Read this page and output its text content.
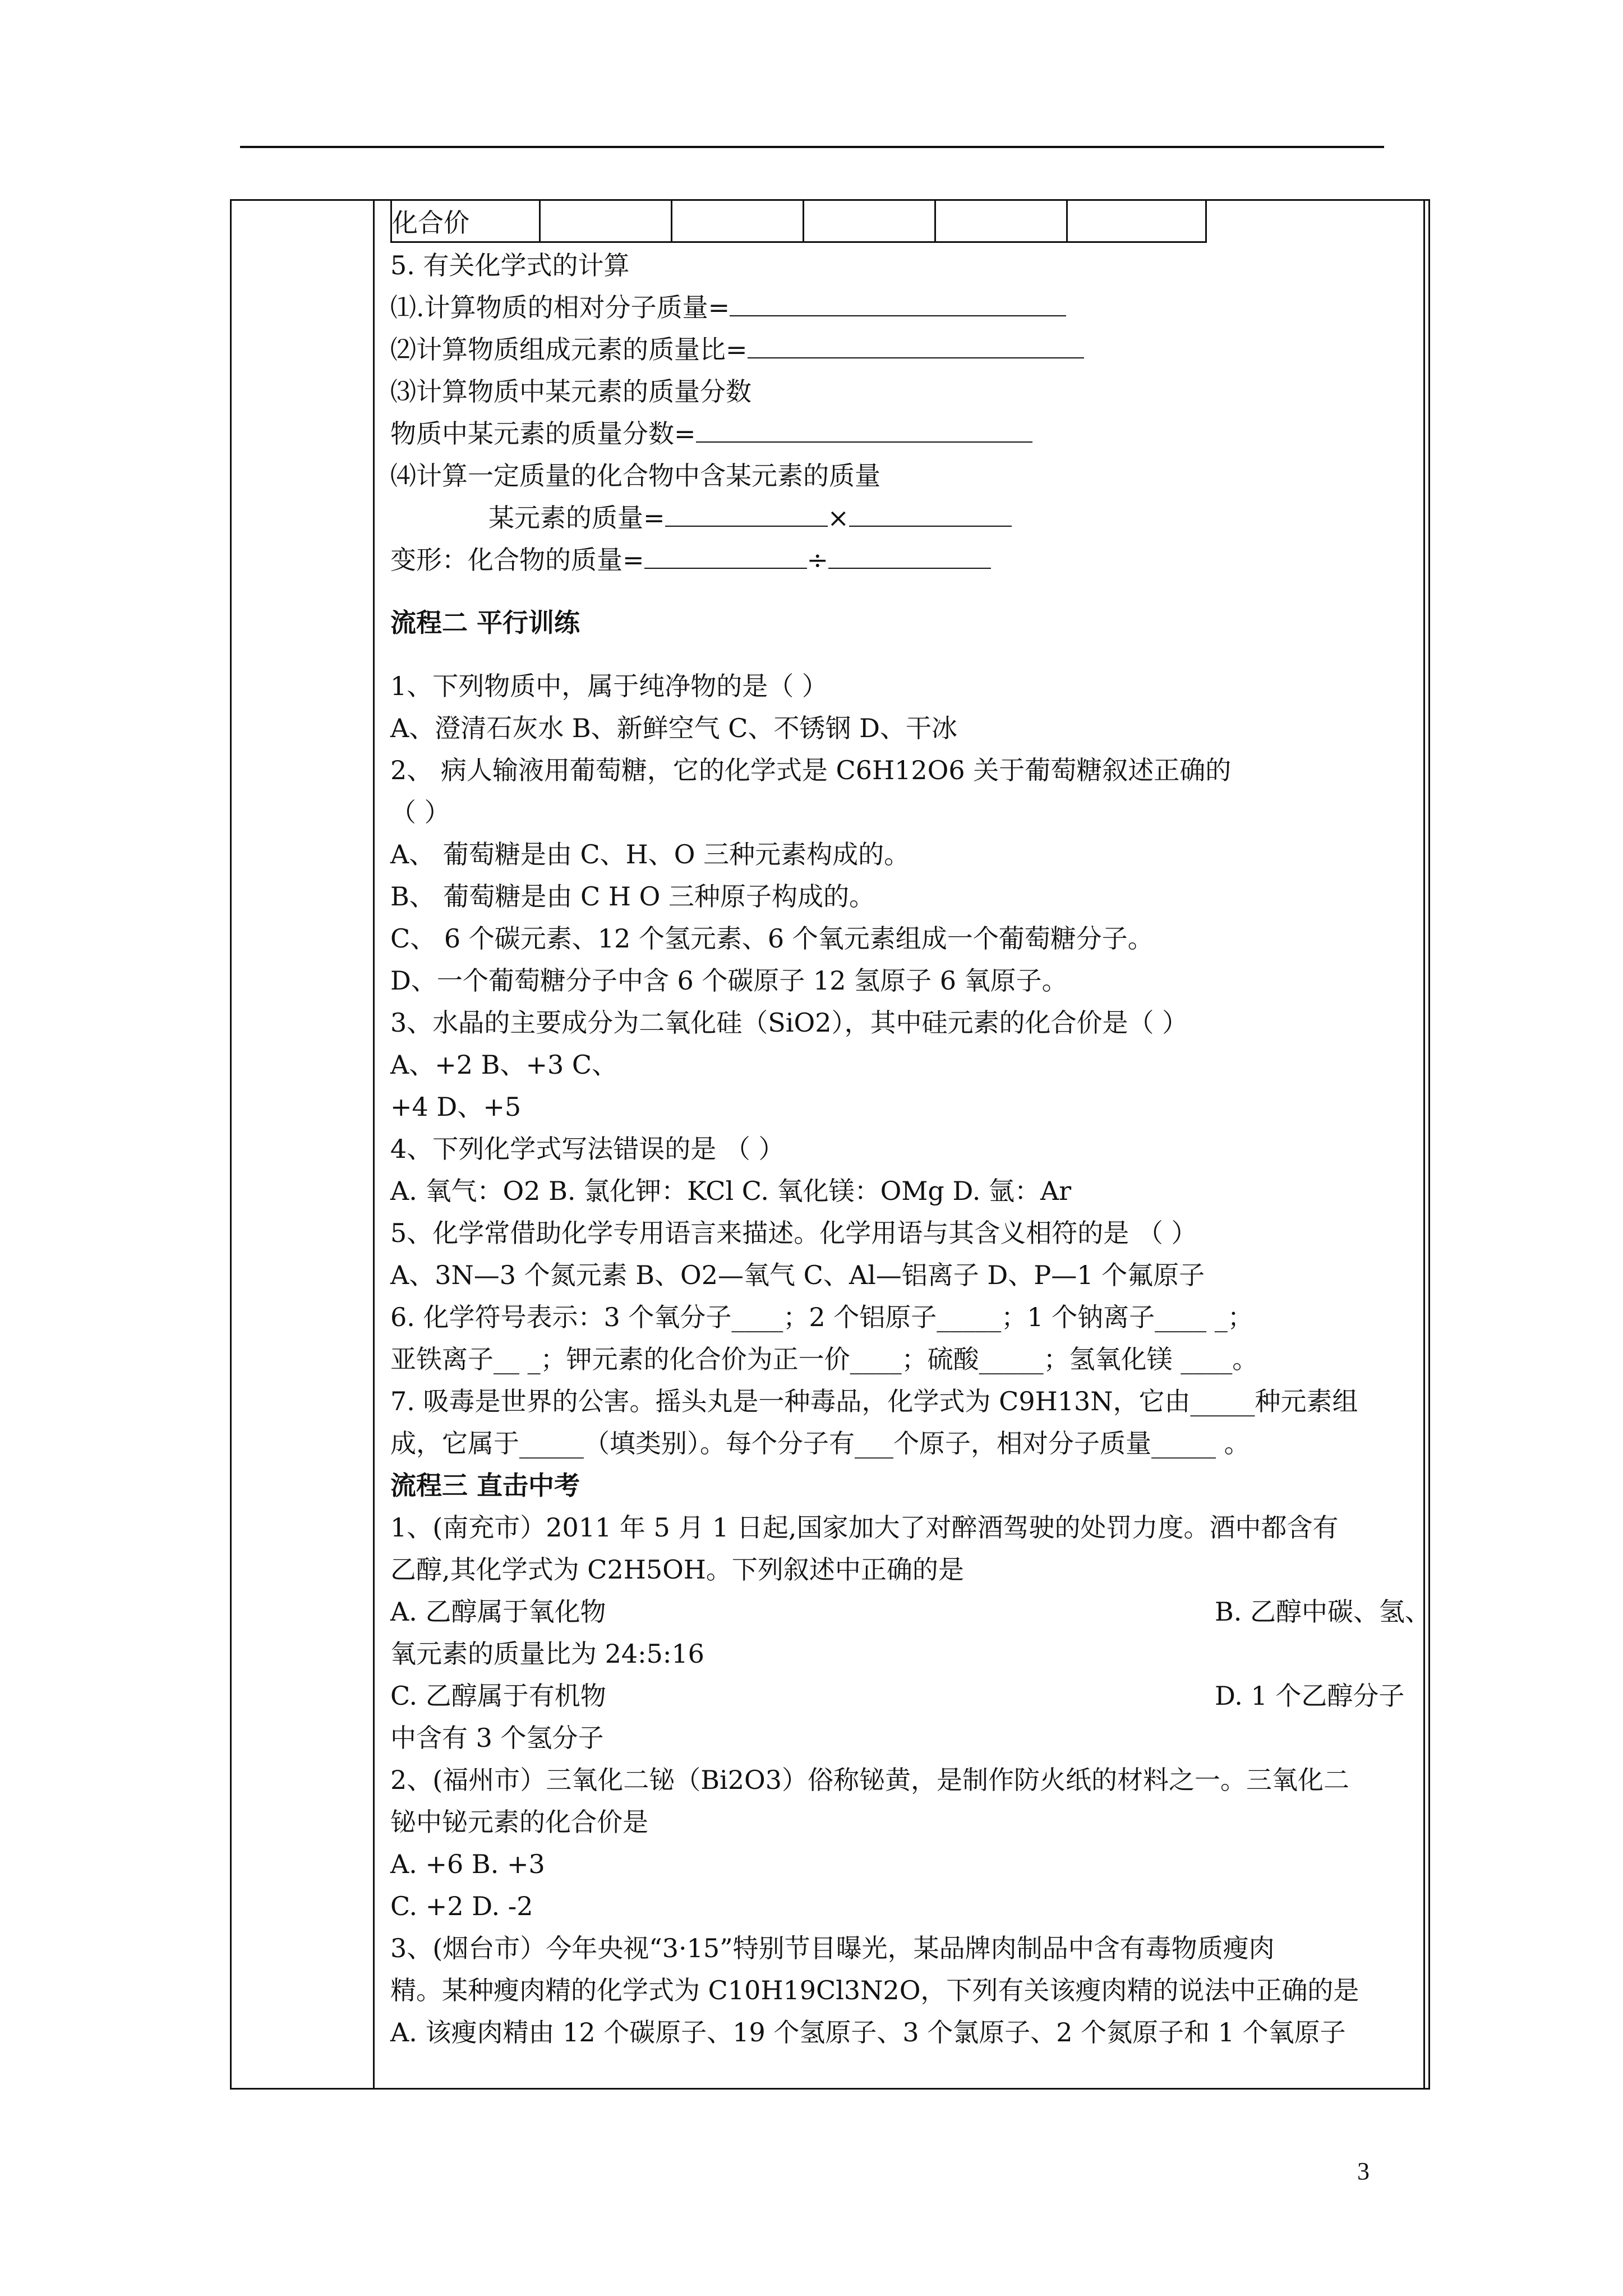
化合价					
5. 有关化学式的计算
⑴.计算物质的相对分子质量=
⑵计算物质组成元素的质量比=
⑶计算物质中某元素的质量分数
物质中某元素的质量分数=
⑷计算一定质量的化合物中含某元素的质量
某元素的质量=	×
变形：化合物的质量=	÷
流程二 平行训练
1、下列物质中，属于纯净物的是（ ）
A、澄清石灰水 B、新鲜空气 C、不锈钢 D、干冰
2、 病人输液用葡萄糖，它的化学式是 C6H12O6 关于葡萄糖叙述正确的
（ ）
A、 葡萄糖是由 C、H、O 三种元素构成的。
B、 葡萄糖是由 C H O 三种原子构成的。
C、 6 个碳元素、12 个氢元素、6 个氧元素组成一个葡萄糖分子。
D、一个葡萄糖分子中含 6 个碳原子 12 氢原子 6 氧原子。
3、水晶的主要成分为二氧化硅（SiO2），其中硅元素的化合价是（ ）
A、+2 B、+3 C、
+4 D、+5
4、下列化学式写法错误的是 （ ）
A. 氧气：O2 B. 氯化钾：KCl C. 氧化镁：OMg D. 氩：Ar
5、化学常借助化学专用语言来描述。化学用语与其含义相符的是 （ ）
A、3N—3 个氮元素 B、O2—氧气 C、Al—铝离子 D、P—1 个氟原子
6. 化学符号表示：3 个氧分子____；2 个铝原子_____；1 个钠离子____ _；
亚铁离子__ _；钾元素的化合价为正一价____；硫酸_____；氢氧化镁 ____。
7. 吸毒是世界的公害。摇头丸是一种毒品，化学式为 C9H13N，它由_____种元素组
成，它属于_____（填类别）。每个分子有___个原子，相对分子质量_____ 。
流程三 直击中考
1、(南充市）2011 年 5 月 1 日起,国家加大了对醉酒驾驶的处罚力度。酒中都含有
乙醇,其化学式为 C2H5OH。下列叙述中正确的是
A. 乙醇属于氧化物	B. 乙醇中碳、氢、
氧元素的质量比为 24:5:16
C. 乙醇属于有机物	D. 1 个乙醇分子
中含有 3 个氢分子
2、(福州市）三氧化二铋（Bi2O3）俗称铋黄，是制作防火纸的材料之一。三氧化二
铋中铋元素的化合价是
A. +6 B. +3
C. +2 D. -2
3、(烟台市）今年央视“3·15”特别节目曝光，某品牌肉制品中含有毒物质瘦肉
精。某种瘦肉精的化学式为 C10H19Cl3N2O，下列有关该瘦肉精的说法中正确的是
A. 该瘦肉精由 12 个碳原子、19 个氢原子、3 个氯原子、2 个氮原子和 1 个氧原子
3
